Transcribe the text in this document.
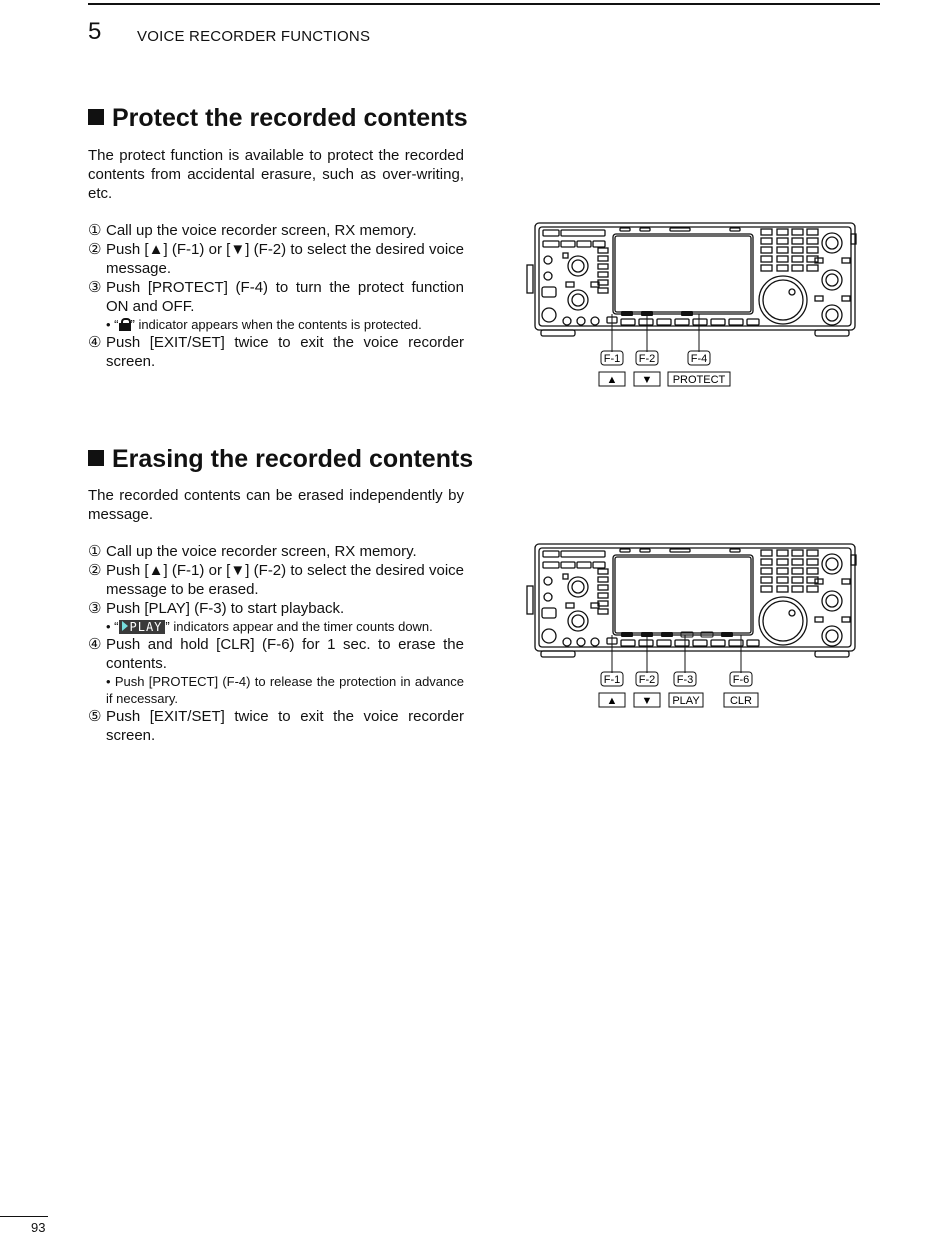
5 VOICE RECORDER FUNCTIONS
Protect the recorded contents
The protect function is available to protect the recorded contents from accidental erasure, such as over-writing, etc.
① Call up the voice recorder screen, RX memory.
② Push [▲] (F-1) or [▼] (F-2) to select the desired voice message.
③ Push [PROTECT] (F-4) to turn the protect function ON and OFF.
• “ ” indicator appears when the contents is protected.
④ Push [EXIT/SET] twice to exit the voice recorder screen.	F-1 F-2	F-4
▲ ▼ PROTECT
Erasing the recorded contents
The recorded contents can be erased independently by message.
① Call up the voice recorder screen, RX memory.
② Push [▲] (F-1) or [▼] (F-2) to select the desired voice message to be erased.
③ Push [PLAY] (F-3) to start playback.
• “ PLAY ” indicators appear and the timer counts down.
④ Push and hold [CLR] (F-6) for 1 sec. to erase the contents.
• Push [PROTECT] (F-4) to release the protection in advance if necessary.
⑤ Push [EXIT/SET] twice to exit the voice recorder screen.
F-1 F-2 F-3	F-6
▲ ▼ PLAY	CLR
93
